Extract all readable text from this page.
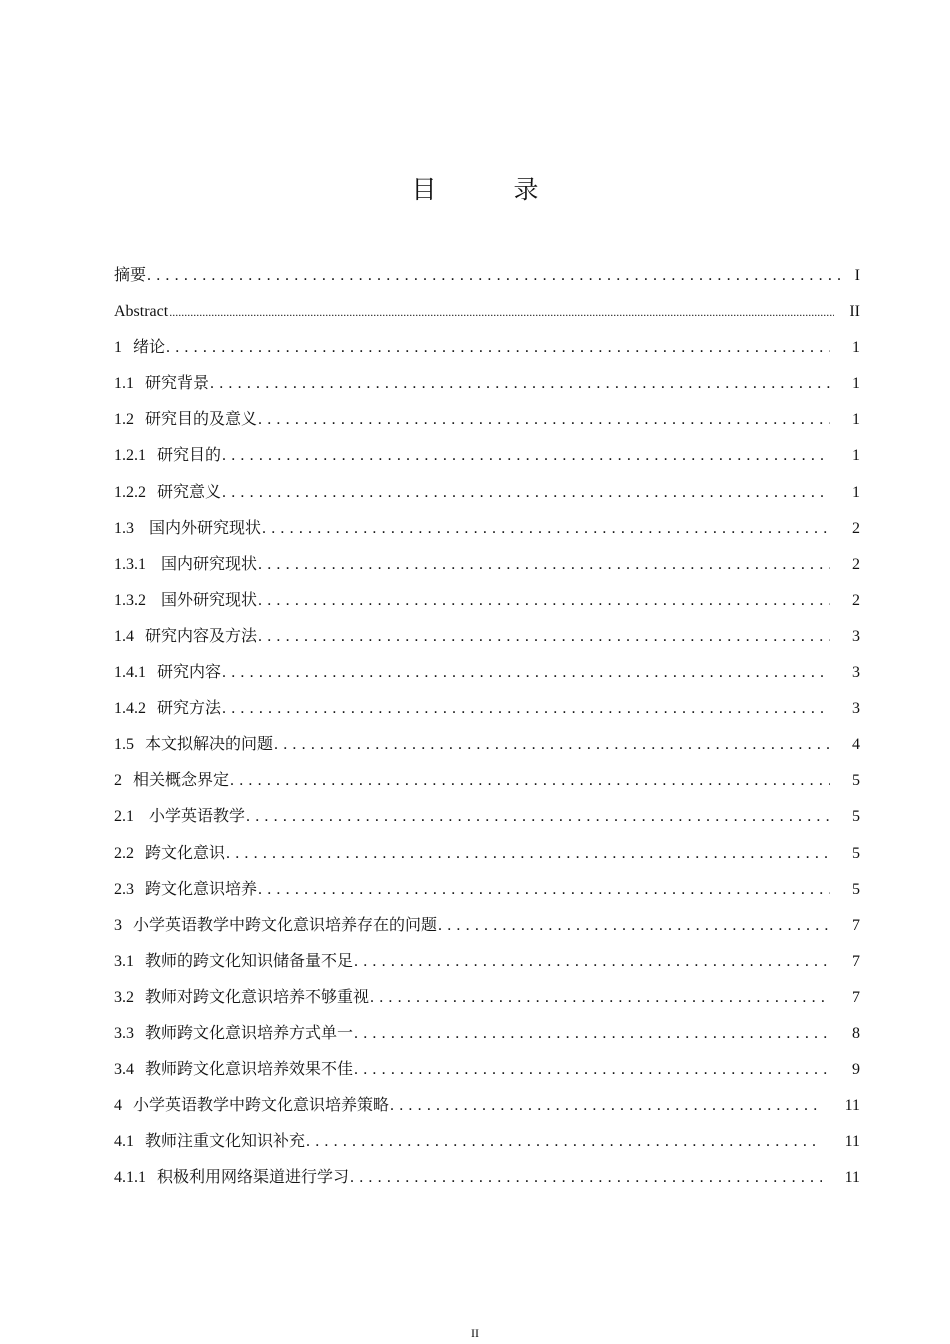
目　录
摘要 . . .	I
Abstract .....	II
1 绪论 . . .	1
1.1 研究背景 . . .	1
1.2 研究目的及意义 . . .	1
1.2.1 研究目的 . . .	1
1.2.2 研究意义 . . .	1
1.3 国内外研究现状 . . .	2
1.3.1 国内研究现状 . . .	2
1.3.2 国外研究现状 . . .	2
1.4 研究内容及方法 . . .	3
1.4.1 研究内容 . . .	3
1.4.2 研究方法 . . .	3
1.5 本文拟解决的问题 . . .	4
2 相关概念界定 . . .	5
2.1 小学英语教学 . . .	5
2.2 跨文化意识 . . .	5
2.3 跨文化意识培养 . . .	5
3 小学英语教学中跨文化意识培养存在的问题 . . .	7
3.1 教师的跨文化知识储备量不足 . . .	7
3.2 教师对跨文化意识培养不够重视 . . .	7
3.3 教师跨文化意识培养方式单一 . . .	8
3.4 教师跨文化意识培养效果不佳 . . .	9
4 小学英语教学中跨文化意识培养策略 . . .	11
4.1 教师注重文化知识补充 . . .	11
4.1.1 积极利用网络渠道进行学习 . . .	11
II
